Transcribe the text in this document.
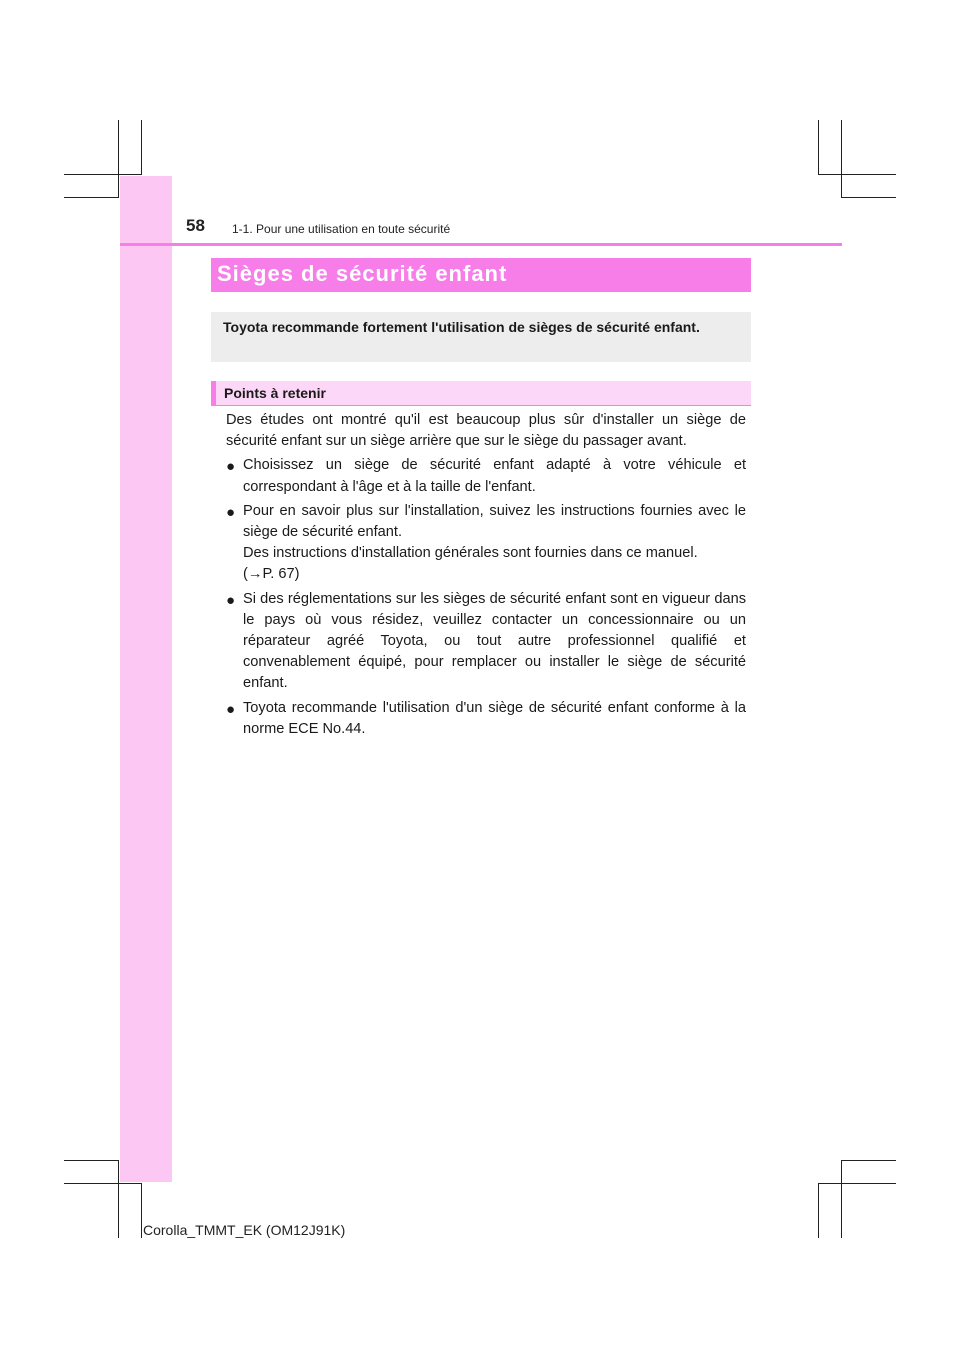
58 1-1. Pour une utilisation en toute sécurité
Sièges de sécurité enfant

Toyota recommande fortement l'utilisation de sièges de sécurité enfant.

Points à retenir

Des études ont montré qu'il est beaucoup plus sûr d'installer un siège de sécurité enfant sur un siège arrière que sur le siège du passager avant.

● Choisissez un siège de sécurité enfant adapté à votre véhicule et correspondant à l'âge et à la taille de l'enfant.

● Pour en savoir plus sur l'installation, suivez les instructions fournies avec le siège de sécurité enfant.

Des instructions d'installation générales sont fournies dans ce manuel.

(→P. 67)

● Si des réglementations sur les sièges de sécurité enfant sont en vigueur dans le pays où vous résidez, veuillez contacter un concessionnaire ou un réparateur agréé Toyota, ou tout autre professionnel qualifié et convenablement équipé, pour remplacer ou installer le siège de sécurité enfant.

● Toyota recommande l'utilisation d'un siège de sécurité enfant conforme à la norme ECE No.44.

Corolla_TMMT_EK (OM12J91K)
